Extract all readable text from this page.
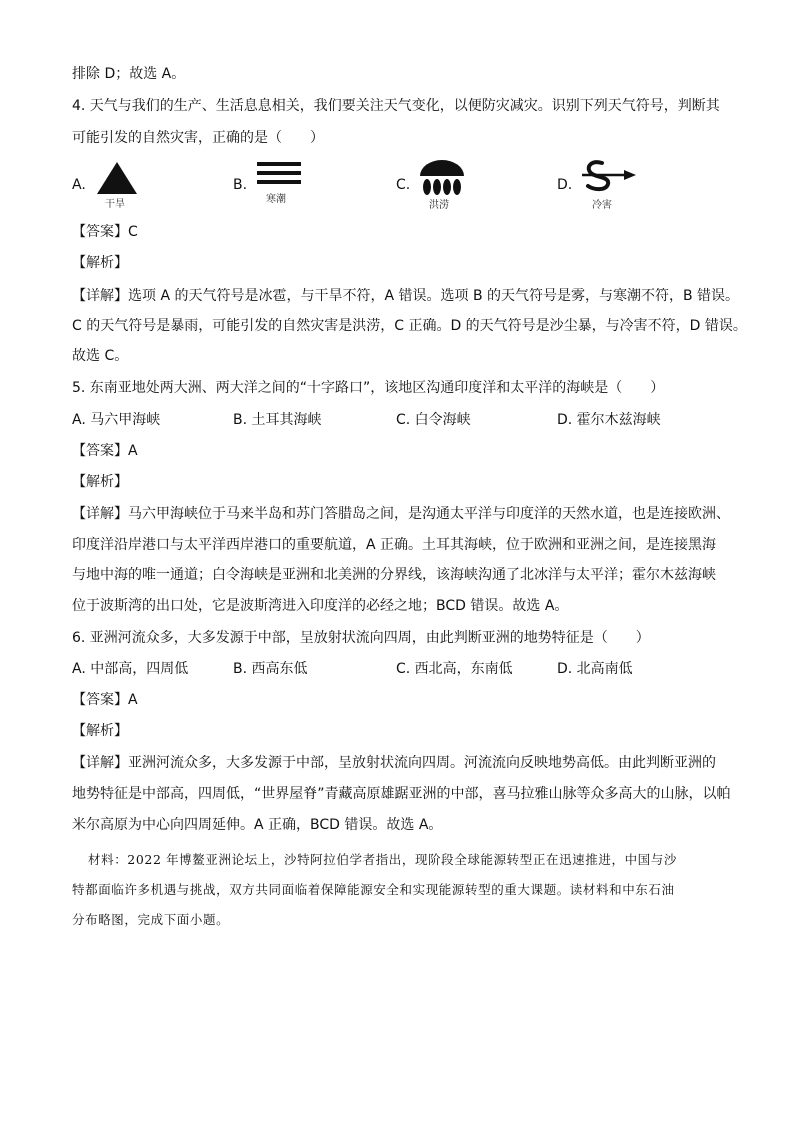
排除 D；故选 A。
4. 天气与我们的生产、生活息息相关，我们要关注天气变化，以便防灾减灾。识别下列天气符号，判断其
可能引发的自然灾害，正确的是（　　）
A.
干旱
B.
寒潮
C.
洪涝
D.
冷害
【答案】C
【解析】
【详解】选项 A 的天气符号是冰雹，与干旱不符，A 错误。选项 B 的天气符号是雾，与寒潮不符，B 错误。
C 的天气符号是暴雨，可能引发的自然灾害是洪涝，C 正确。D 的天气符号是沙尘暴，与冷害不符，D 错误。
故选 C。
5. 东南亚地处两大洲、两大洋之间的“十字路口”，该地区沟通印度洋和太平洋的海峡是（　　）
A. 马六甲海峡	B. 土耳其海峡	C. 白令海峡	D. 霍尔木兹海峡
【答案】A
【解析】
【详解】马六甲海峡位于马来半岛和苏门答腊岛之间，是沟通太平洋与印度洋的天然水道，也是连接欧洲、
印度洋沿岸港口与太平洋西岸港口的重要航道，A 正确。土耳其海峡，位于欧洲和亚洲之间，是连接黑海
与地中海的唯一通道；白令海峡是亚洲和北美洲的分界线，该海峡沟通了北冰洋与太平洋；霍尔木兹海峡
位于波斯湾的出口处，它是波斯湾进入印度洋的必经之地；BCD 错误。故选 A。
6. 亚洲河流众多，大多发源于中部，呈放射状流向四周，由此判断亚洲的地势特征是（　　）
A. 中部高，四周低	B. 西高东低	C. 西北高，东南低	D. 北高南低
【答案】A
【解析】
【详解】亚洲河流众多，大多发源于中部，呈放射状流向四周。河流流向反映地势高低。由此判断亚洲的
地势特征是中部高，四周低，“世界屋脊”青藏高原雄踞亚洲的中部，喜马拉雅山脉等众多高大的山脉，以帕
米尔高原为中心向四周延伸。A 正确，BCD 错误。故选 A。
材料：2022 年博鳌亚洲论坛上，沙特阿拉伯学者指出，现阶段全球能源转型正在迅速推进，中国与沙
特都面临许多机遇与挑战，双方共同面临着保障能源安全和实现能源转型的重大课题。读材料和中东石油
分布略图，完成下面小题。
